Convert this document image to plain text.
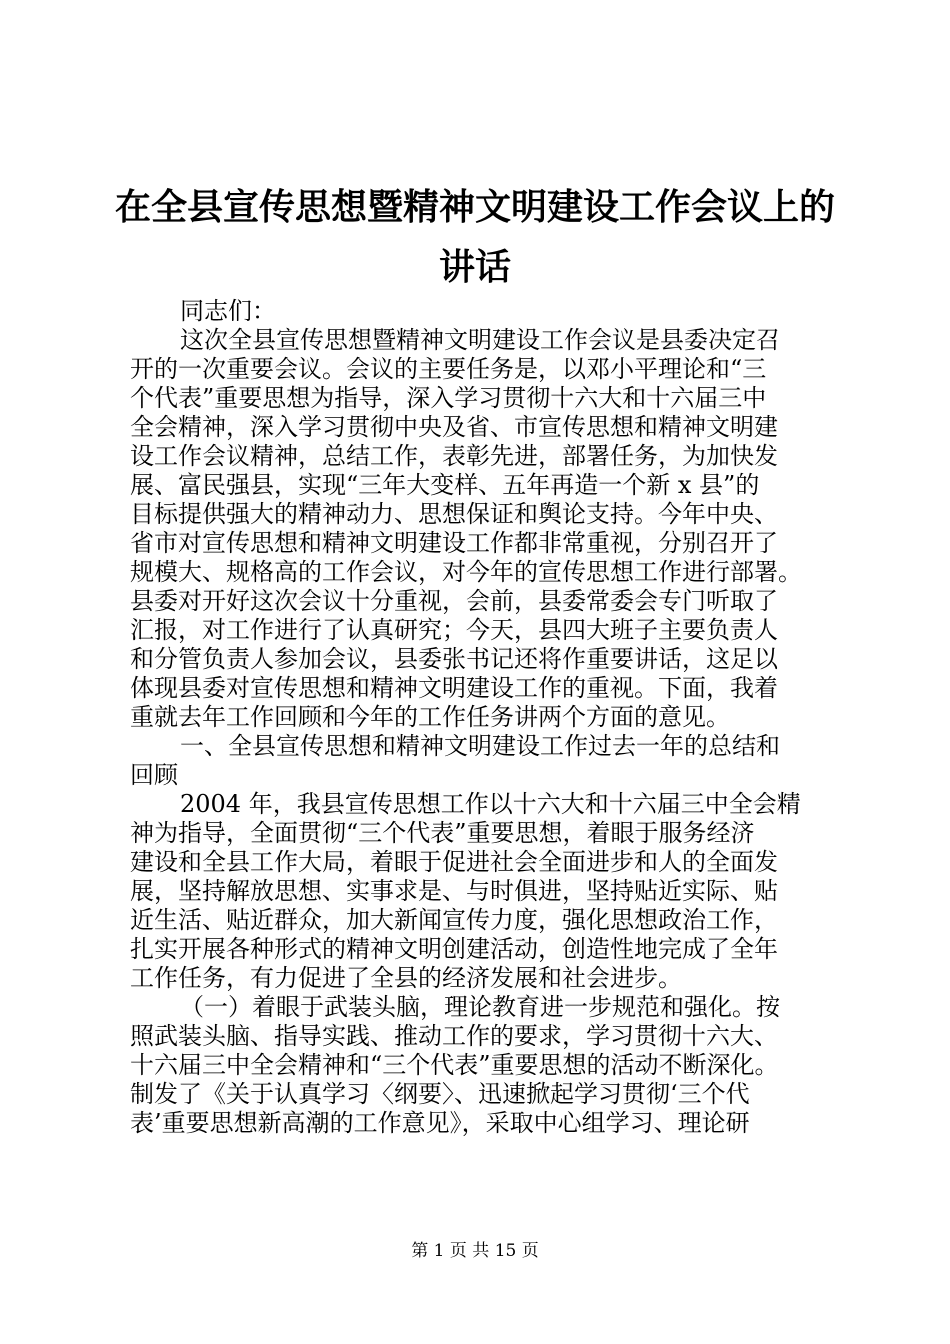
在全县宣传思想暨精神文明建设工作会议上的
讲话
同志们：
这次全县宣传思想暨精神文明建设工作会议是县委决定召
开的一次重要会议。会议的主要任务是，以邓小平理论和“三
个代表”重要思想为指导，深入学习贯彻十六大和十六届三中
全会精神，深入学习贯彻中央及省、市宣传思想和精神文明建
设工作会议精神，总结工作，表彰先进，部署任务，为加快发
展、富民强县，实现“三年大变样、五年再造一个新 x 县”的
目标提供强大的精神动力、思想保证和舆论支持。今年中央、
省市对宣传思想和精神文明建设工作都非常重视，分别召开了
规模大、规格高的工作会议，对今年的宣传思想工作进行部署。
县委对开好这次会议十分重视，会前，县委常委会专门听取了
汇报，对工作进行了认真研究；今天，县四大班子主要负责人
和分管负责人参加会议，县委张书记还将作重要讲话，这足以
体现县委对宣传思想和精神文明建设工作的重视。下面，我着
重就去年工作回顾和今年的工作任务讲两个方面的意见。
一、全县宣传思想和精神文明建设工作过去一年的总结和
回顾
2004 年，我县宣传思想工作以十六大和十六届三中全会精
神为指导，全面贯彻“三个代表”重要思想，着眼于服务经济
建设和全县工作大局，着眼于促进社会全面进步和人的全面发
展，坚持解放思想、实事求是、与时俱进，坚持贴近实际、贴
近生活、贴近群众，加大新闻宣传力度，强化思想政治工作，
扎实开展各种形式的精神文明创建活动，创造性地完成了全年
工作任务，有力促进了全县的经济发展和社会进步。
（一）着眼于武装头脑，理论教育进一步规范和强化。按
照武装头脑、指导实践、推动工作的要求，学习贯彻十六大、
十六届三中全会精神和“三个代表”重要思想的活动不断深化。
制发了《关于认真学习〈纲要〉、迅速掀起学习贯彻‘三个代
表’重要思想新高潮的工作意见》，采取中心组学习、理论研
第 1 页 共 15 页
